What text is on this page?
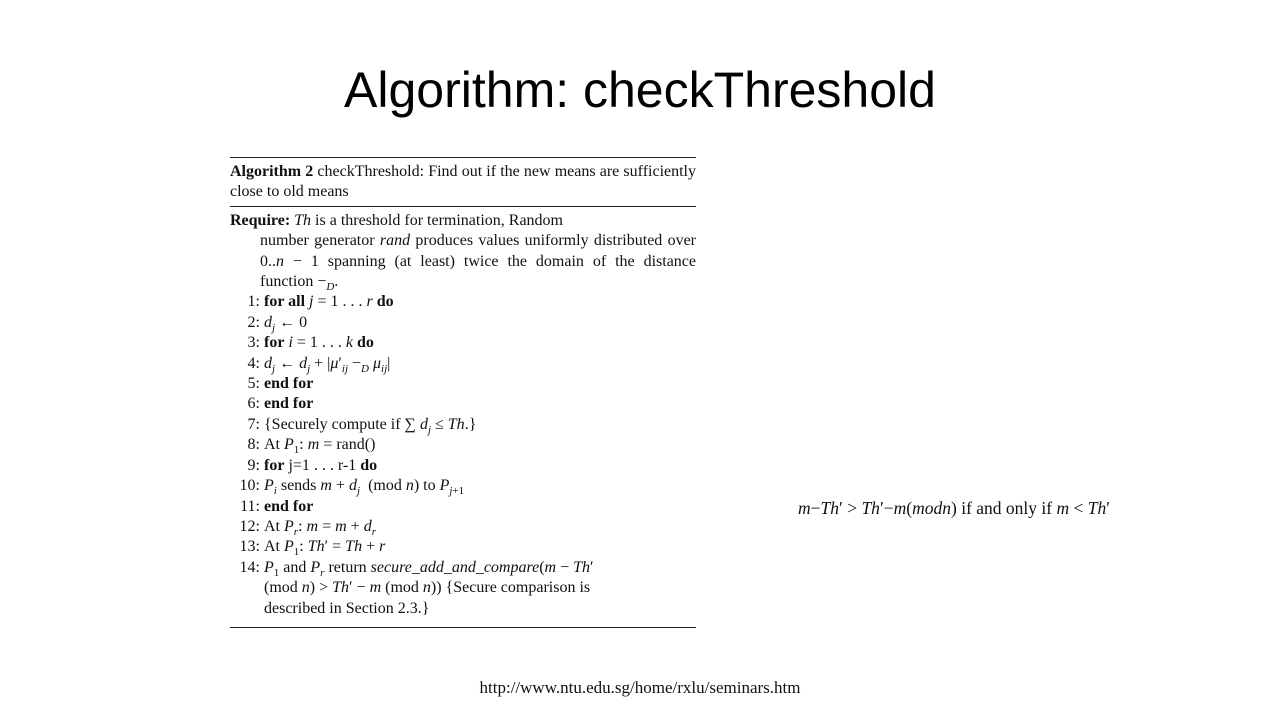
Algorithm: checkThreshold
Algorithm 2 checkThreshold: Find out if the new means are sufficiently close to old means
Require: Th is a threshold for termination, Random
number generator rand produces values uniformly distributed over 0..n − 1 spanning (at least) twice the domain of the distance function $-_D$.
1: for all j = 1 . . . r do
2: $d_j$ ← 0
3: for i = 1 . . . k do
4: $d_j$ ← $d_j + |\mu'_{ij} -_D$ $\mu_{ij}|$
5: end for
6: end for
7: {Securely compute if ∑ $d_j \le Th$.}
8: At $P_1$: m = rand()
9: for j=1 . . . r-1 do
10: $P_i$ sends $m + d_j$  (mod n) to $P_{j+1}$
11: end for
12: At $P_r$: $m = m + d_r$
13: At $P_1$: Th′ = Th + r
14: $P_1$ and $P_r$ return secure_add_and_compare(m − Th′
(mod n) > Th′ − m (mod n)) {Secure comparison is
described in Section 2.3.}
m−Th′ > Th′−m(modn) if and only if m < Th′
http://www.ntu.edu.sg/home/rxlu/seminars.htm
